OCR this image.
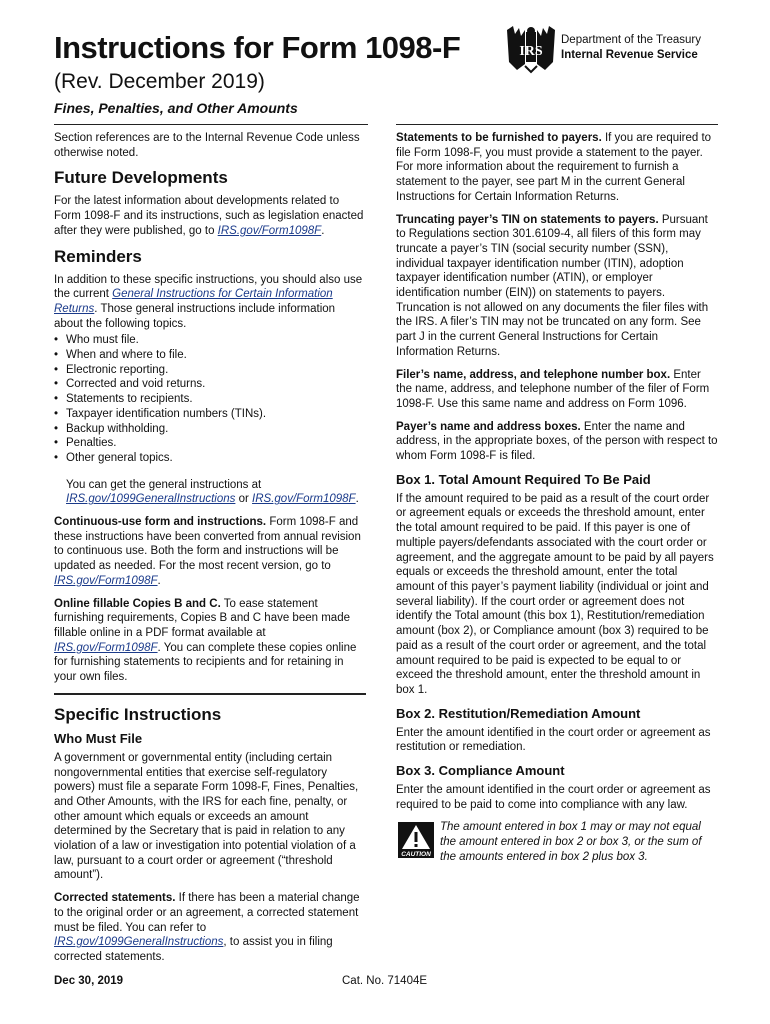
Instructions for Form 1098-F
(Rev. December 2019)
Fines, Penalties, and Other Amounts
IRS
Department of the Treasury
Internal Revenue Service

Section references are to the Internal Revenue Code unless otherwise noted.

Future Developments

For the latest information about developments related to Form 1098-F and its instructions, such as legislation enacted after they were published, go to IRS.gov/Form1098F.

Reminders

In addition to these specific instructions, you should also use the current General Instructions for Certain Information Returns. Those general instructions include information about the following topics.

• Who must file.
• When and where to file.
• Electronic reporting.
• Corrected and void returns.
• Statements to recipients.
• Taxpayer identification numbers (TINs).
• Backup withholding.
• Penalties.
• Other general topics.

You can get the general instructions at IRS.gov/1099GeneralInstructions or IRS.gov/Form1098F.

Continuous-use form and instructions. Form 1098-F and these instructions have been converted from annual revision to continuous use. Both the form and instructions will be updated as needed. For the most recent version, go to IRS.gov/Form1098F.

Online fillable Copies B and C. To ease statement furnishing requirements, Copies B and C have been made fillable online in a PDF format available at IRS.gov/Form1098F. You can complete these copies online for furnishing statements to recipients and for retaining in your own files.

Specific Instructions
Who Must File

A government or governmental entity (including certain nongovernmental entities that exercise self-regulatory powers) must file a separate Form 1098-F, Fines, Penalties, and Other Amounts, with the IRS for each fine, penalty, or other amount which equals or exceeds an amount determined by the Secretary that is paid in relation to any violation of a law or investigation into potential violation of a law, pursuant to a court order or agreement (“threshold amount”).

Corrected statements. If there has been a material change to the original order or an agreement, a corrected statement must be filed. You can refer to IRS.gov/1099GeneralInstructions, to assist you in filing corrected statements.

Statements to be furnished to payers. If you are required to file Form 1098-F, you must provide a statement to the payer. For more information about the requirement to furnish a statement to the payer, see part M in the current General Instructions for Certain Information Returns.

Truncating payer’s TIN on statements to payers. Pursuant to Regulations section 301.6109-4, all filers of this form may truncate a payer’s TIN (social security number (SSN), individual taxpayer identification number (ITIN), adoption taxpayer identification number (ATIN), or employer identification number (EIN)) on statements to payers. Truncation is not allowed on any documents the filer files with the IRS. A filer’s TIN may not be truncated on any form. See part J in the current General Instructions for Certain Information Returns.

Filer’s name, address, and telephone number box. Enter the name, address, and telephone number of the filer of Form 1098-F. Use this same name and address on Form 1096.

Payer’s name and address boxes. Enter the name and address, in the appropriate boxes, of the person with respect to whom Form 1098-F is filed.

Box 1. Total Amount Required To Be Paid

If the amount required to be paid as a result of the court order or agreement equals or exceeds the threshold amount, enter the total amount required to be paid. If this payer is one of multiple payers/defendants associated with the court order or agreement, and the aggregate amount to be paid by all payers equals or exceeds the threshold amount, enter the total amount of this payer’s payment liability (individual or joint and several liability). If the court order or agreement does not identify the Total amount (this box 1), Restitution/remediation amount (box 2), or Compliance amount (box 3) required to be paid as a result of the court order or agreement, and the total amount required to be paid is expected to be equal to or exceed the threshold amount, enter the threshold amount in box 1.

Box 2. Restitution/Remediation Amount

Enter the amount identified in the court order or agreement as restitution or remediation.

Box 3. Compliance Amount

Enter the amount identified in the court order or agreement as required to be paid to come into compliance with any law.

CAUTION
The amount entered in box 1 may or may not equal the amount entered in box 2 or box 3, or the sum of the amounts entered in box 2 plus box 3.
Dec 30, 2019	Cat. No. 71404E
